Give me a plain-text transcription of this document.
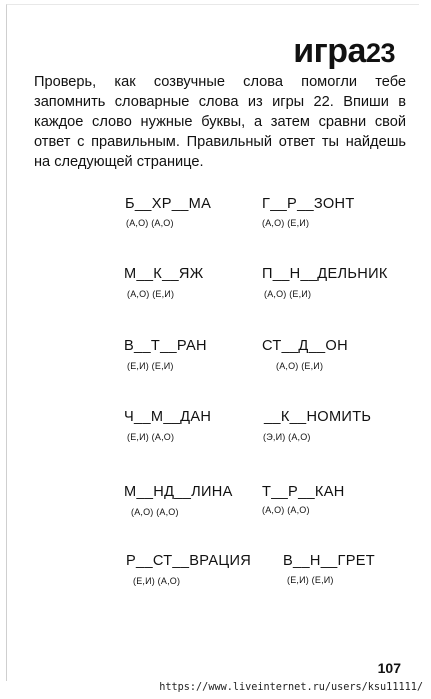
игра23
Проверь, как созвучные слова помогли тебе запомнить словарные слова из игры 22. Впиши в каждое слово нужные буквы, а затем сравни свой ответ с правильным. Правильный ответ ты найдешь на следующей странице.
Б__ХР__МА
(А,О) (А,О)
Г__Р__ЗОНТ
(А,О) (Е,И)
М__К__ЯЖ
(А,О) (Е,И)
П__Н__ДЕЛЬНИК
(А,О) (Е,И)
В__Т__РАН
(Е,И) (Е,И)
СТ__Д__ОН
(А,О) (Е,И)
Ч__М__ДАН
(Е,И) (А,О)
__К__НОМИТЬ
(Э,И) (А,О)
М__НД__ЛИНА
(А,О) (А,О)
Т__Р__КАН
(А,О) (А,О)
Р__СТ__ВРАЦИЯ
(Е,И) (А,О)
В__Н__ГРЕТ
(Е,И) (Е,И)
107
https://www.liveinternet.ru/users/ksu11111/
